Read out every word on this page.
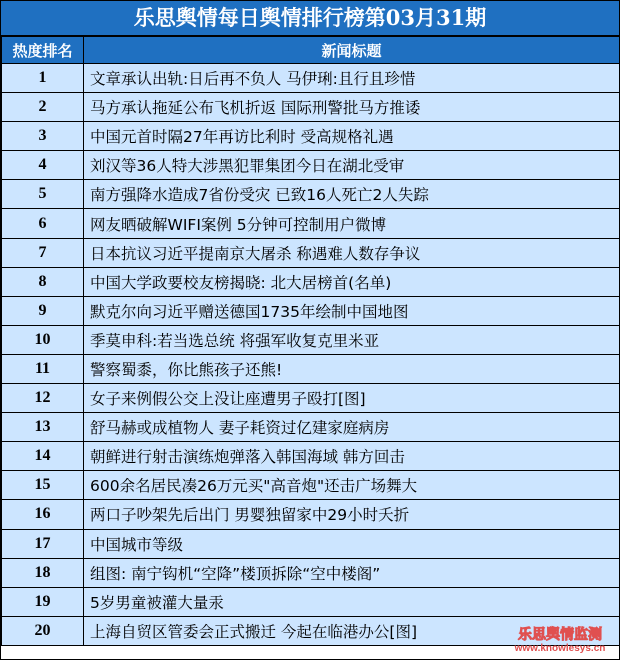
乐思舆情每日舆情排行榜第03月31期
热度排名	新闻标题
1	文章承认出轨:日后再不负人 马伊琍:且行且珍惜
2	马方承认拖延公布飞机折返 国际刑警批马方推诿
3	中国元首时隔27年再访比利时 受高规格礼遇
4	刘汉等36人特大涉黑犯罪集团今日在湖北受审
5	南方强降水造成7省份受灾 已致16人死亡2人失踪
6	网友晒破解WIFI案例 5分钟可控制用户微博
7	日本抗议习近平提南京大屠杀 称遇难人数存争议
8	中国大学政要校友榜揭晓: 北大居榜首(名单)
9	默克尔向习近平赠送德国1735年绘制中国地图
10	季莫申科:若当选总统 将强军收复克里米亚
11	警察蜀黍，你比熊孩子还熊!
12	女子来例假公交上没让座遭男子殴打[图]
13	舒马赫或成植物人 妻子耗资过亿建家庭病房
14	朝鲜进行射击演练炮弹落入韩国海域 韩方回击
15	600余名居民凑26万元买"高音炮"还击广场舞大
16	两口子吵架先后出门 男婴独留家中29小时夭折
17	中国城市等级
18	组图: 南宁钩机“空降”楼顶拆除“空中楼阁”
19	5岁男童被灌大量汞
20	上海自贸区管委会正式搬迁 今起在临港办公[图]	乐思舆情监测
www.knowlesys.cn
